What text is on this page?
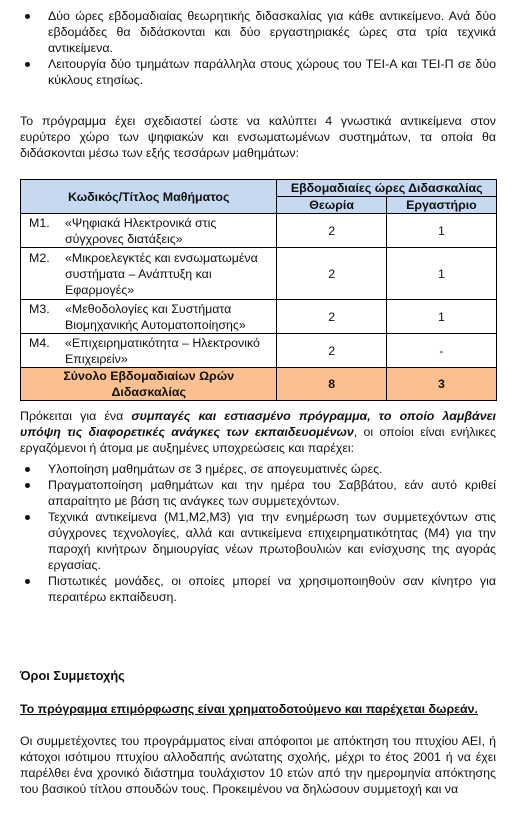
Δύο ώρες εβδομαδιαίας θεωρητικής διδασκαλίας για κάθε αντικείμενο. Ανά δύο εβδομάδες θα διδάσκονται και δύο εργαστηριακές ώρες στα τρία τεχνικά αντικείμενα.
Λειτουργία δύο τμημάτων παράλληλα στους χώρους του ΤΕΙ-Α και ΤΕΙ-Π σε δύο κύκλους ετησίως.

Το πρόγραμμα έχει σχεδιαστεί ώστε να καλύπτει 4 γνωστικά αντικείμενα στον ευρύτερο χώρο των ψηφιακών και ενσωματωμένων συστημάτων, τα οποία θα διδάσκονται μέσω των εξής τεσσάρων μαθημάτων:

Κωδικός/Τίτλος Μαθήματος	Εβδομαδιαίες ώρες Διδασκαλίας	
	Θεωρία	Εργαστήριο

Μ1. «Ψηφιακά Ηλεκτρονικά στις σύγχρονες διατάξεις»	2	1

Μ2. «Μικροελεγκτές και ενσωματωμένα συστήματα – Ανάπτυξη και Εφαρμογές»	2	1

Μ3. «Μεθοδολογίες και Συστήματα Βιομηχανικής Αυτοματοποίησης»	2	1

Μ4. «Επιχειρηματικότητα – Ηλεκτρονικό Επιχειρείν»	2	-
Σύνολο Εβδομαδιαίων Ωρών Διδασκαλίας	8	3

Πρόκειται για ένα συμπαγές και εστιασμένο πρόγραμμα, το οποίο λαμβάνει υπόψη τις διαφορετικές ανάγκες των εκπαιδευομένων, οι οποίοι είναι ενήλικες εργαζόμενοι ή άτομα με αυξημένες υποχρεώσεις και παρέχει:

Υλοποίηση μαθημάτων σε 3 ημέρες, σε απογευματινές ώρες.
Πραγματοποίηση μαθημάτων και την ημέρα του Σαββάτου, εάν αυτό κριθεί απαραίτητο με βάση τις ανάγκες των συμμετεχόντων.
Τεχνικά αντικείμενα (Μ1,Μ2,Μ3) για την ενημέρωση των συμμετεχόντων στις σύγχρονες τεχνολογίες, αλλά και αντικείμενα επιχειρηματικότητας (Μ4) για την παροχή κινήτρων δημιουργίας νέων πρωτοβουλιών και ενίσχυσης της αγοράς εργασίας.
Πιστωτικές μονάδες, οι οποίες μπορεί να χρησιμοποιηθούν σαν κίνητρο για περαιτέρω εκπαίδευση.

Όροι Συμμετοχής

Το πρόγραμμα επιμόρφωσης είναι χρηματοδοτούμενο και παρέχεται δωρεάν.

Οι συμμετέχοντες του προγράμματος είναι απόφοιτοι με απόκτηση του πτυχίου ΑΕΙ, ή κάτοχοι ισότιμου πτυχίου αλλοδαπής ανώτατης σχολής, μέχρι το έτος 2001 ή να έχει παρέλθει ένα χρονικό διάστημα τουλάχιστον 10 ετών από την ημερομηνία απόκτησης του βασικού τίτλου σπουδών τους. Προκειμένου να δηλώσουν συμμετοχή και να
